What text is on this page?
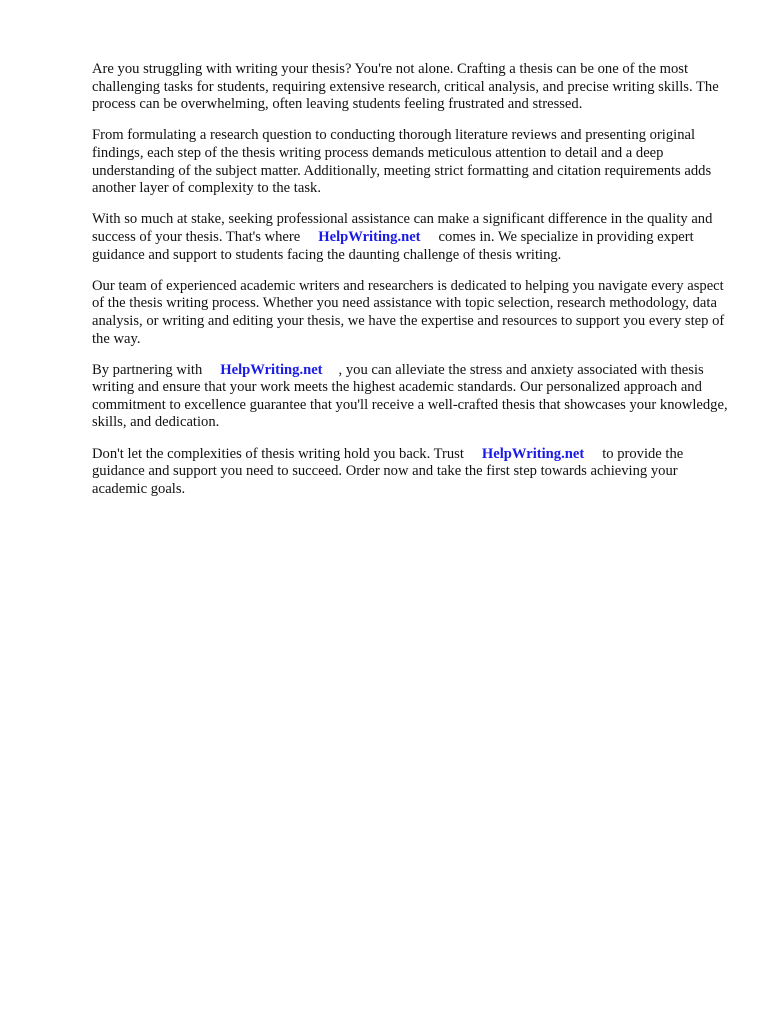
Are you struggling with writing your thesis? You're not alone. Crafting a thesis can be one of the most challenging tasks for students, requiring extensive research, critical analysis, and precise writing skills. The process can be overwhelming, often leaving students feeling frustrated and stressed.

From formulating a research question to conducting thorough literature reviews and presenting original findings, each step of the thesis writing process demands meticulous attention to detail and a deep understanding of the subject matter. Additionally, meeting strict formatting and citation requirements adds another layer of complexity to the task.

With so much at stake, seeking professional assistance can make a significant difference in the quality and success of your thesis. That's where HelpWriting.net comes in. We specialize in providing expert guidance and support to students facing the daunting challenge of thesis writing.

Our team of experienced academic writers and researchers is dedicated to helping you navigate every aspect of the thesis writing process. Whether you need assistance with topic selection, research methodology, data analysis, or writing and editing your thesis, we have the expertise and resources to support you every step of the way.

By partnering with HelpWriting.net , you can alleviate the stress and anxiety associated with thesis writing and ensure that your work meets the highest academic standards. Our personalized approach and commitment to excellence guarantee that you'll receive a well-crafted thesis that showcases your knowledge, skills, and dedication.

Don't let the complexities of thesis writing hold you back. Trust HelpWriting.net to provide the guidance and support you need to succeed. Order now and take the first step towards achieving your academic goals.
